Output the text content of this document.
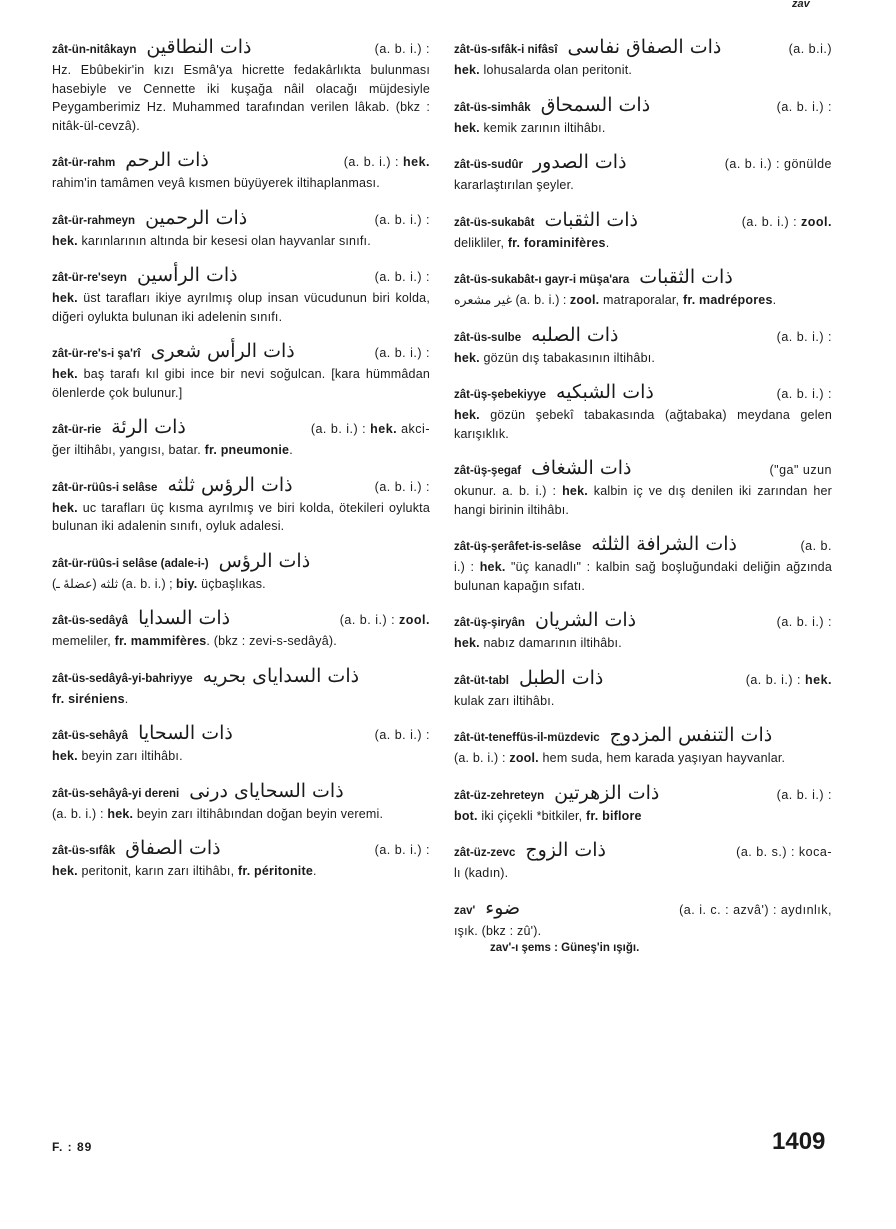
zav
zât-ün-nitâkayn ذات النطاقين	(a. b. i.) :
Hz. Ebûbekir'in kızı Esmâ'ya hicrette fedakârlıkta bulunması hasebiyle ve Cennette iki kuşağa nâil olacağı müjdesiyle Peygamberimiz Hz. Muhammed tarafından verilen lâkab. (bkz : nitâk-ül-cevzâ).
zât-ür-rahm ذات الرحم	(a. b. i.) : hek.
rahim'in tamâmen veyâ kısmen büyüyerek iltihaplanması.
zât-ür-rahmeyn ذات الرحمين	(a. b. i.) :
hek. karınlarının altında bir kesesi olan hayvanlar sınıfı.
zât-ür-re'seyn ذات الرأسين	(a. b. i.) :
hek. üst tarafları ikiye ayrılmış olup insan vücudunun biri kolda, diğeri oylukta bulunan iki adelenin sınıfı.
zât-ür-re's-i şa'rî ذات الرأس شعرى	(a. b. i.) :
hek. baş tarafı kıl gibi ince bir nevi soğulcan. [kara hümmâdan ölenlerde çok bulunur.]
zât-ür-rie ذات الرئة	(a. b. i.) : hek. akci-
ğer iltihâbı, yangısı, batar. fr. pneumonie.
zât-ür-rüûs-i selâse ذات الرؤس ثلثه	(a. b. i.) :
hek. uc tarafları üç kısma ayrılmış ve biri kolda, ötekileri oylukta bulunan iki adalenin sınıfı, oyluk adalesi.
zât-ür-rüûs-i selâse (adale-i-) ذات الرؤس
(ثلثه (عضلهٔ ـ (a. b. i.) ; biy. üçbaşlıkas.
zât-üs-sedâyâ ذات السدايا	(a. b. i.) : zool.
memeliler, fr. mammifères. (bkz : zevi-s-sedâyâ).
zât-üs-sedâyâ-yi-bahriyye ذات السدايای بحريه
fr. siréniens.
zât-üs-sehâyâ ذات السحايا	(a. b. i.) :
hek. beyin zarı iltihâbı.
zât-üs-sehâyâ-yi dereni ذات السحايای درنى
(a. b. i.) : hek. beyin zarı iltihâbından doğan beyin veremi.
zât-üs-sıfâk ذات الصفاق	(a. b. i.) :
hek. peritonit, karın zarı iltihâbı, fr. péritonite.
zât-üs-sıfâk-i nifâsî ذات الصفاق نفاسى	(a. b.i.)
hek. lohusalarda olan peritonit.
zât-üs-simhâk ذات السمحاق	(a. b. i.) :
hek. kemik zarının iltihâbı.
zât-üs-sudûr ذات الصدور	(a. b. i.) : gönülde
kararlaştırılan şeyler.
zât-üs-sukabât ذات الثقبات	(a. b. i.) : zool.
delikliler, fr. foraminifères.
zât-üs-sukabât-ı gayr-i müşa'ara ذات الثقبات
غير مشعره (a. b. i.) : zool. matraporalar, fr. madrépores.
zât-üs-sulbe ذات الصلبه	(a. b. i.) :
hek. gözün dış tabakasının iltihâbı.
zât-üş-şebekiyye ذات الشبكيه	(a. b. i.) :
hek. gözün şebekî tabakasında (ağtabaka) meydana gelen karışıklık.
zât-üş-şegaf ذات الشغاف	("ga" uzun
okunur. a. b. i.) : hek. kalbin iç ve dış denilen iki zarından her hangi birinin iltihâbı.
zât-üş-şerâfet-is-selâse ذات الشرافة الثلثه	(a. b.
i.) : hek. "üç kanadlı" : kalbin sağ boşluğundaki deliğin ağzında bulunan kapağın sıfatı.
zât-üş-şiryân ذات الشريان	(a. b. i.) :
hek. nabız damarının iltihâbı.
zât-üt-tabl ذات الطبل	(a. b. i.) : hek.
kulak zarı iltihâbı.
zât-üt-teneffüs-il-müzdevic ذات التنفس المزدوج
(a. b. i.) : zool. hem suda, hem karada yaşıyan hayvanlar.
zât-üz-zehreteyn ذات الزهرتين	(a. b. i.) :
bot. iki çiçekli *bitkiler, fr. biflore
zât-üz-zevc ذات الزوج	(a. b. s.) : koca-
lı (kadın).
zav' ضوء	(a. i. c. : azvâ') : aydınlık,
ışık. (bkz : zû').
zav'-ı şems : Güneş'in ışığı.
F. : 89	1409
